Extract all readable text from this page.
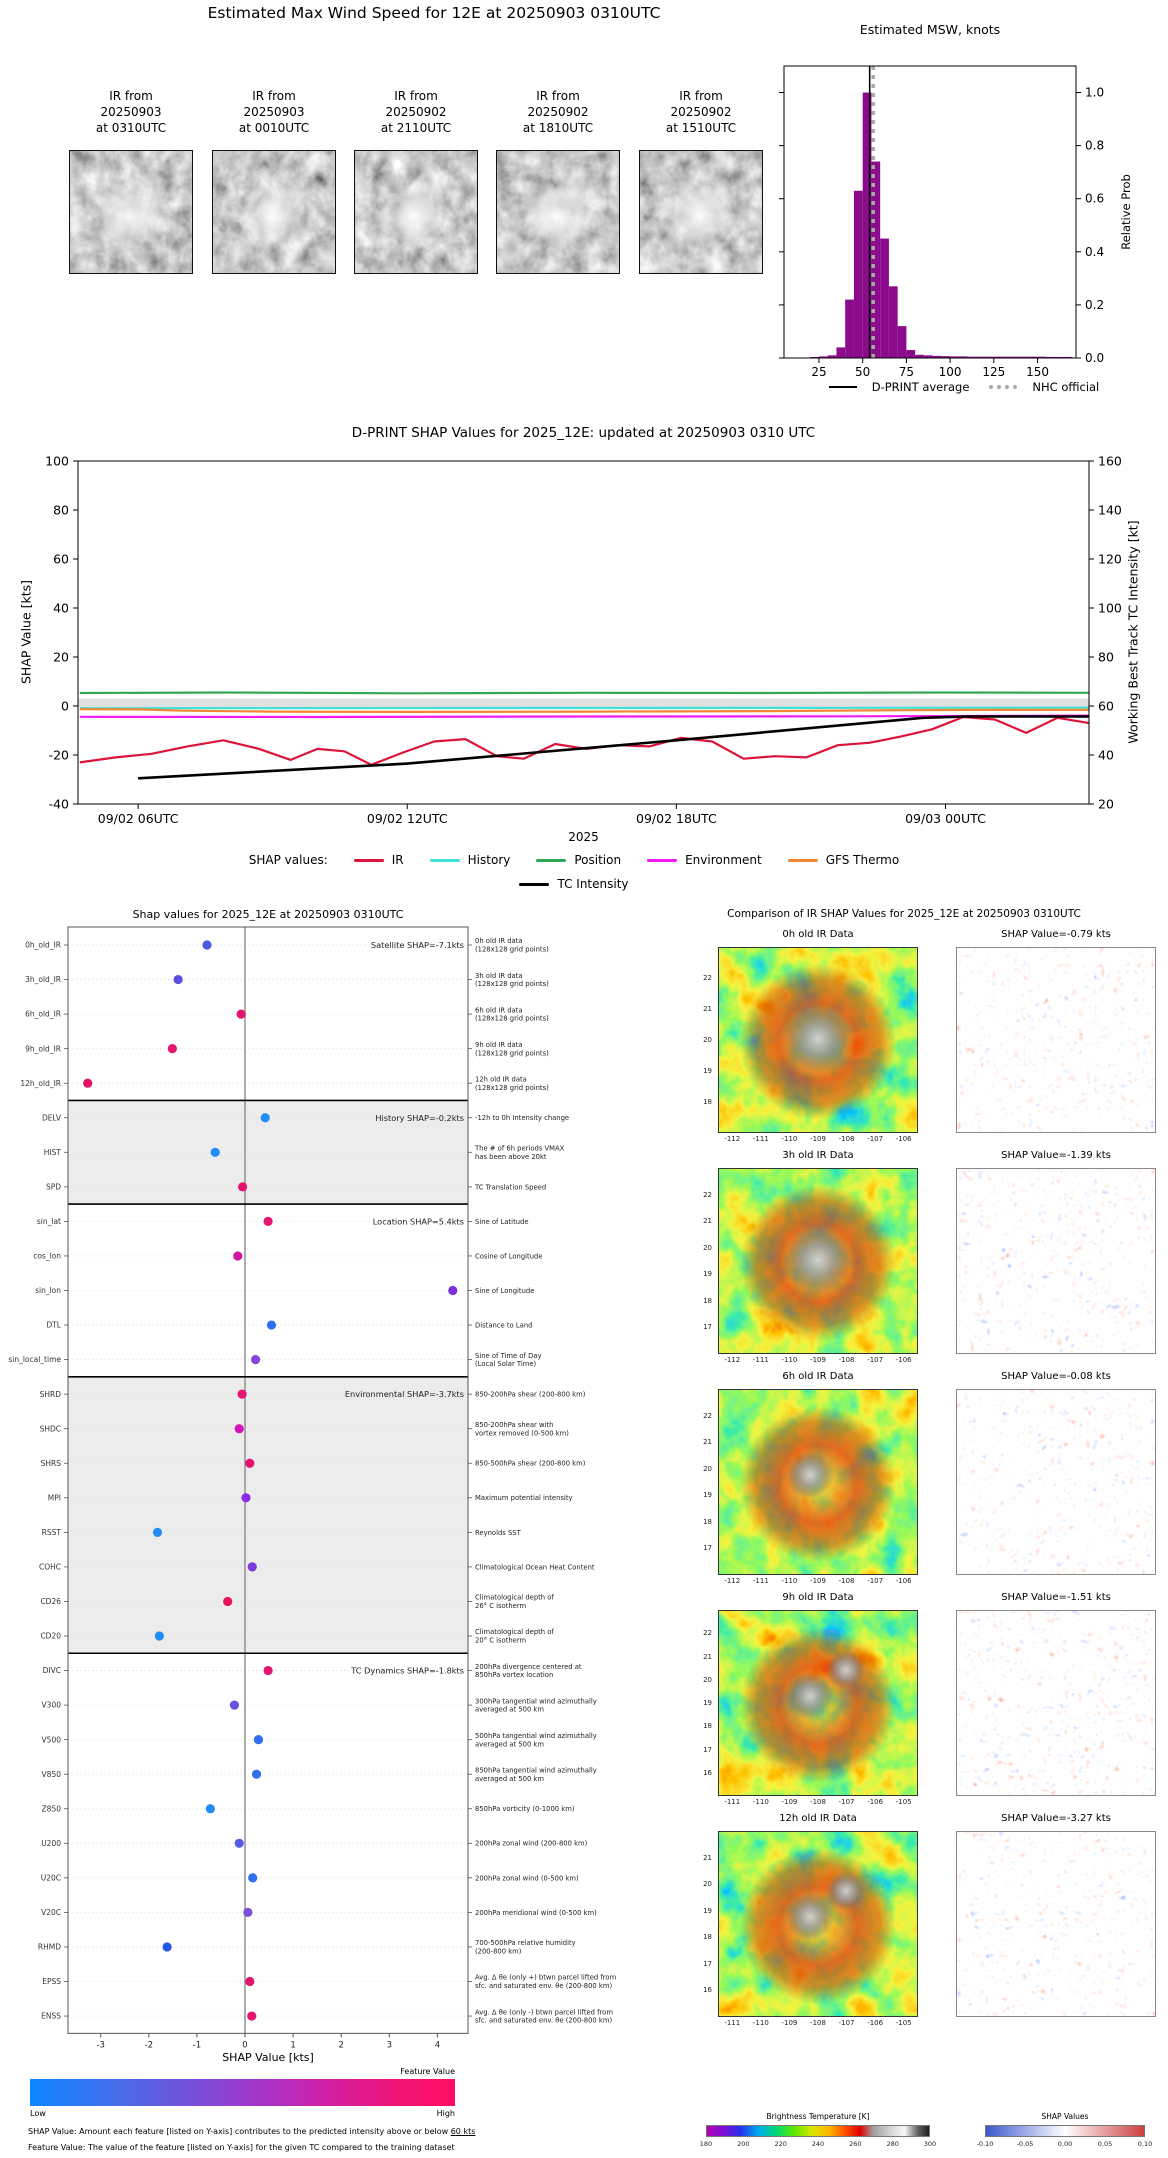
Estimated Max Wind Speed for 12E at 20250903 0310UTC
IR from
20250903
at 0310UTC
IR from
20250903
at 0010UTC
IR from
20250902
at 2110UTC
IR from
20250902
at 1810UTC
IR from
20250902
at 1510UTC
Estimated MSW, knots
25 50 75 100 125 150
0.0
0.2
0.4
0.6
0.8
1.0
Relative Prob
D-PRINT average	NHC official
D-PRINT SHAP Values for 2025_12E: updated at 20250903 0310 UTC
100
80
60
40
20
0
-20
-40
160
140
120
100
80
60
40
20
09/02 06UTC	09/02 12UTC	09/02 18UTC	09/03 00UTC
SHAP Value [kts]	Working Best Track TC Intensity [kt]
2025
SHAP values:	IR	History	Position	Environment	GFS Thermo
TC Intensity
Shap values for 2025_12E at 20250903 0310UTC
Satellite SHAP=-7.1kts
0h_old_IR	0h old IR data
(128x128 grid points)
3h_old_IR	3h old IR data
(128x128 grid points)
6h_old_IR	6h old IR data
(128x128 grid points)
9h_old_IR	9h old IR data
(128x128 grid points)
12h_old_IR	12h old IR data
(128x128 grid points)
History SHAP=-0.2kts
DELV	-12h to 0h Intensity change
HIST	The # of 6h periods VMAX
has been above 20kt
SPD	TC Translation Speed
Location SHAP=5.4kts
sin_lat	Sine of Latitude
cos_lon	Cosine of Longitude
sin_lon	Sine of Longitude
DTL	Distance to Land
sin_local_time	Sine of Time of Day
(Local Solar Time)
Environmental SHAP=-3.7kts
SHRD	850-200hPa shear (200-800 km)
SHDC	850-200hPa shear with
vortex removed (0-500 km)
SHRS	850-500hPa shear (200-800 km)
MPI	Maximum potential intensity
RSST	Reynolds SST
COHC	Climatological Ocean Heat Content
CD26	Climatological depth of
26° C isotherm
CD20	Climatological depth of
20° C isotherm
TC Dynamics SHAP=-1.8kts
DIVC	200hPa divergence centered at
850hPa vortex location
V300	300hPa tangential wind azimuthally
averaged at 500 km
V500	500hPa tangential wind azimuthally
averaged at 500 km
V850	850hPa tangential wind azimuthally
averaged at 500 km
Z850	850hPa vorticity (0-1000 km)
U200	200hPa zonal wind (200-800 km)
U20C	200hPa zonal wind (0-500 km)
V20C	200hPa meridional wind (0-500 km)
RHMD	700-500hPa relative humidity
(200-800 km)
EPSS	Avg. Δ θe (only +) btwn parcel lifted from
sfc. and saturated env. θe (200-800 km)
ENSS	Avg. Δ θe (only -) btwn parcel lifted from
sfc. and saturated env. θe (200-800 km)
-3	-2	-1	0	1	2	3	4
SHAP Value [kts]
Feature Value
Low	High
SHAP Value: Amount each feature [listed on Y-axis] contributes to the predicted intensity above or below 60 kts
Feature Value: The value of the feature [listed on Y-axis] for the given TC compared to the training dataset
Comparison of IR SHAP Values for 2025_12E at 20250903 0310UTC
0h old IR Data	SHAP Value=-0.79 kts
22
21
20
19
18
-112	-111	-110	-109	-108	-107	-106
3h old IR Data	SHAP Value=-1.39 kts
22
21
20
19
18
17
-112	-111	-110	-109	-108	-107	-106
6h old IR Data	SHAP Value=-0.08 kts
22
21
20
19
18
17
-112	-111	-110	-109	-108	-107	-106
9h old IR Data	SHAP Value=-1.51 kts
22
21
20
19
18
17
16
-111	-110	-109	-108	-107	-106	-105
12h old IR Data	SHAP Value=-3.27 kts
21
20
19
18
17
16
-111	-110	-109	-108	-107	-106	-105
Brightness Temperature [K]
180	200	220	240	260	280	300
SHAP Values
-0.10	-0.05	0.00	0.05	0.10
